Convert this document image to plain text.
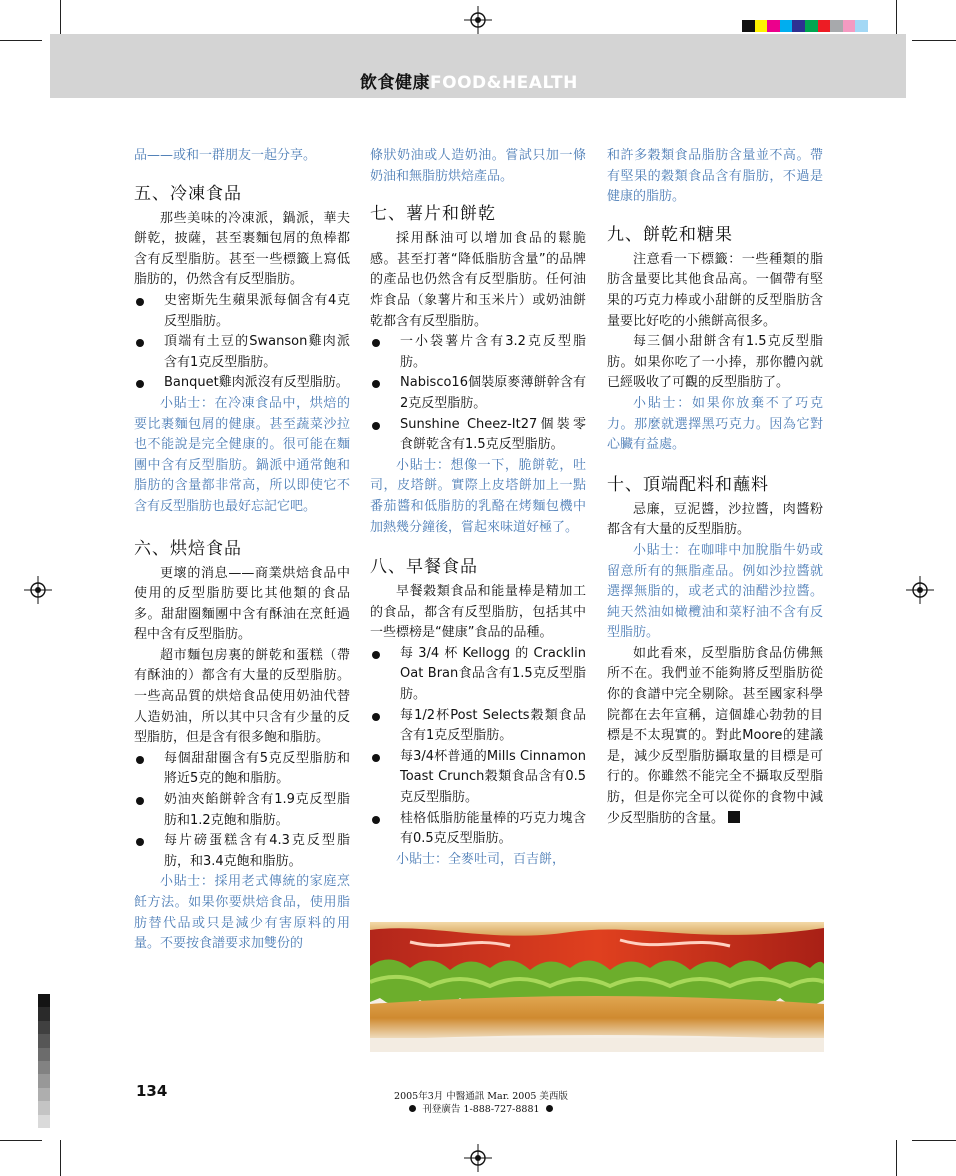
飲食健康FOOD&HEALTH
品——或和一群朋友一起分享。
五、冷凍食品
那些美味的冷凍派，鍋派，華夫餅乾，披薩，甚至裹麵包屑的魚棒都含有反型脂肪。甚至一些標籤上寫低脂肪的，仍然含有反型脂肪。
史密斯先生蘋果派每個含有4克反型脂肪。
頂端有土豆的Swanson雞肉派含有1克反型脂肪。
Banquet雞肉派沒有反型脂肪。
小貼士：在冷凍食品中，烘焙的要比裹麵包屑的健康。甚至蔬菜沙拉也不能說是完全健康的。很可能在麵團中含有反型脂肪。鍋派中通常飽和脂肪的含量都非常高，所以即使它不含有反型脂肪也最好忘記它吧。
六、烘焙食品
更壞的消息——商業烘焙食品中使用的反型脂肪要比其他類的食品多。甜甜圈麵團中含有酥油在烹飪過程中含有反型脂肪。
超市麵包房裏的餅乾和蛋糕（帶有酥油的）都含有大量的反型脂肪。一些高品質的烘焙食品使用奶油代替人造奶油，所以其中只含有少量的反型脂肪，但是含有很多飽和脂肪。
每個甜甜圈含有5克反型脂肪和將近5克的飽和脂肪。
奶油夾餡餅幹含有1.9克反型脂肪和1.2克飽和脂肪。
每片磅蛋糕含有4.3克反型脂肪，和3.4克飽和脂肪。
小貼士：採用老式傳統的家庭烹飪方法。如果你要烘焙食品，使用脂肪替代品或只是減少有害原料的用量。不要按食譜要求加雙份的
條狀奶油或人造奶油。嘗試只加一條奶油和無脂肪烘焙產品。
七、薯片和餅乾
採用酥油可以增加食品的鬆脆感。甚至打著“降低脂肪含量”的品牌的產品也仍然含有反型脂肪。任何油炸食品（象薯片和玉米片）或奶油餅乾都含有反型脂肪。
一小袋薯片含有3.2克反型脂肪。
Nabisco16個裝原麥薄餅幹含有2克反型脂肪。
Sunshine Cheez-It27個裝零食餅乾含有1.5克反型脂肪。
小貼士：想像一下，脆餅乾，吐司，皮塔餅。實際上皮塔餅加上一點番茄醬和低脂肪的乳酪在烤麵包機中加熱幾分鐘後，嘗起來味道好極了。
八、早餐食品
早餐穀類食品和能量棒是精加工的食品，都含有反型脂肪，包括其中一些標榜是“健康”食品的品種。
每3/4杯Kellogg的Cracklin Oat Bran食品含有1.5克反型脂肪。
每1/2杯Post Selects穀類食品含有1克反型脂肪。
每3/4杯普通的Mills Cinnamon Toast Crunch穀類食品含有0.5克反型脂肪。
桂格低脂肪能量棒的巧克力塊含有0.5克反型脂肪。
小貼士：全麥吐司，百吉餅，
和許多穀類食品脂肪含量並不高。帶有堅果的穀類食品含有脂肪，不過是健康的脂肪。
九、餅乾和糖果
注意看一下標籤：一些種類的脂肪含量要比其他食品高。一個帶有堅果的巧克力棒或小甜餅的反型脂肪含量要比好吃的小熊餅高很多。
每三個小甜餅含有1.5克反型脂肪。如果你吃了一小捧，那你體內就已經吸收了可觀的反型脂肪了。
小貼士：如果你放棄不了巧克力。那麼就選擇黑巧克力。因為它對心臟有益處。
十、頂端配料和蘸料
忌廉，豆泥醬，沙拉醬，肉醬粉都含有大量的反型脂肪。
小貼士：在咖啡中加脫脂牛奶或留意所有的無脂產品。例如沙拉醬就選擇無脂的，或老式的油醋沙拉醬。純天然油如橄欖油和菜籽油不含有反型脂肪。
如此看來，反型脂肪食品仿佛無所不在。我們並不能夠將反型脂肪從你的食譜中完全剔除。甚至國家科學院都在去年宣稱，這個雄心勃勃的目標是不太現實的。對此Moore的建議是，減少反型脂肪攝取量的目標是可行的。你雖然不能完全不攝取反型脂肪，但是你完全可以從你的食物中減少反型脂肪的含量。
134	2005年3月 中醫通訊 Mar. 2005 美西版
刊登廣告 1-888-727-8881
